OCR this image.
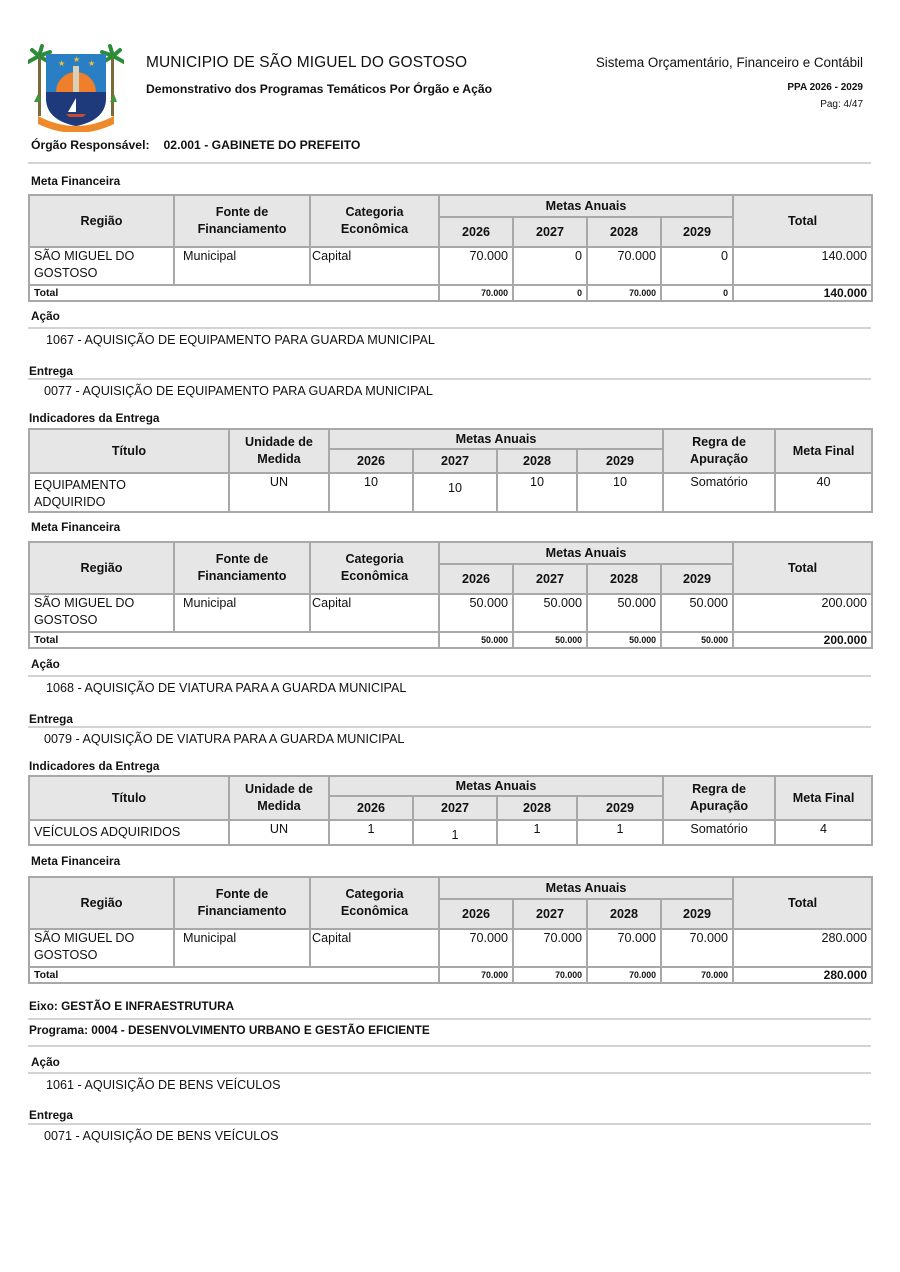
★ ★ ★	MUNICIPIO DE SÃO MIGUEL DO GOSTOSO
Demonstrativo dos Programas Temáticos Por Órgão e Ação
Sistema Orçamentário, Financeiro e Contábil
PPA 2026 - 2029
Pag: 4/47
Órgão Responsável: 02.001 - GABINETE DO PREFEITO
Meta Financeira
Região	Fonte de
Financiamento	Categoria
Econômica	Metas Anuais				Total
			2026	2027	2028	2029	
SÃO MIGUEL DO
GOSTOSO	Municipal	Capital	70.000	0	70.000	0	140.000
Total			70.000	0	70.000	0	140.000
Ação
1067 - AQUISIÇÃO DE EQUIPAMENTO PARA GUARDA MUNICIPAL
Entrega
0077 - AQUISIÇÃO DE EQUIPAMENTO PARA GUARDA MUNICIPAL
Indicadores da Entrega
Título	Unidade de
Medida	Metas Anuais				Regra de
Apuração	Meta Final
		2026	2027	2028	2029		
EQUIPAMENTO
ADQUIRIDO	UN	10	10	10	10	Somatório	40
Meta Financeira
Região	Fonte de
Financiamento	Categoria
Econômica	Metas Anuais				Total
			2026	2027	2028	2029	
SÃO MIGUEL DO
GOSTOSO	Municipal	Capital	50.000	50.000	50.000	50.000	200.000
Total			50.000	50.000	50.000	50.000	200.000
Ação
1068 - AQUISIÇÃO DE VIATURA PARA A GUARDA MUNICIPAL
Entrega
0079 - AQUISIÇÃO DE VIATURA PARA A GUARDA MUNICIPAL
Indicadores da Entrega
Título	Unidade de
Medida	Metas Anuais				Regra de
Apuração	Meta Final
		2026	2027	2028	2029		
VEÍCULOS ADQUIRIDOS	UN	1	1	1	1	Somatório	4
Meta Financeira
Região	Fonte de
Financiamento	Categoria
Econômica	Metas Anuais				Total
			2026	2027	2028	2029	
SÃO MIGUEL DO
GOSTOSO	Municipal	Capital	70.000	70.000	70.000	70.000	280.000
Total			70.000	70.000	70.000	70.000	280.000
Eixo: GESTÃO E INFRAESTRUTURA
Programa: 0004 - DESENVOLVIMENTO URBANO E GESTÃO EFICIENTE
Ação
1061 - AQUISIÇÃO DE BENS VEÍCULOS
Entrega
0071 - AQUISIÇÃO DE BENS VEÍCULOS
